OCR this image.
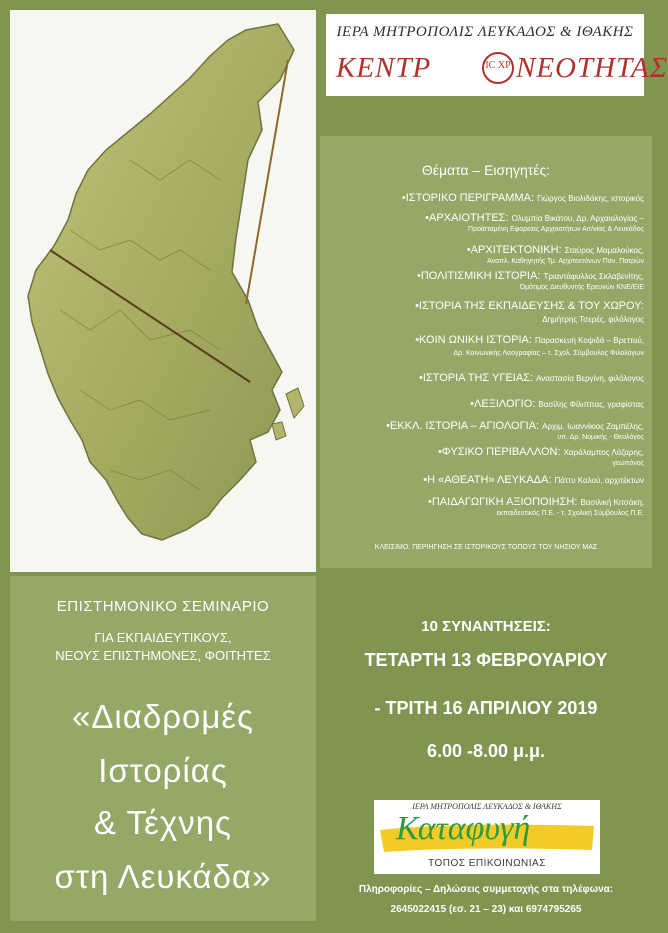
ΙΕΡΑ ΜΗΤΡΟΠΟΛΙΣ ΛΕΥΚΑΔΟΣ & ΙΘΑΚΗΣ
ΚΕΝΤΡ	ΙC ΧΡ ΝΕΟΤΗΤΑΣ
Θέματα – Εισηγητές:
•ΙΣΤΟΡΙΚΟ ΠΕΡΙΓΡΑΜΜΑ: Γιώργος Βιολιδάκης, ιστορικός
•ΑΡΧΑΙΟΤΗΤΕΣ: Ολυμπία Βικάτου, Δρ. Αρχαιολογίας –
Προϊσταμένη Εφορείας Αρχαιοτήτων Αιτ/νίας & Λευκάδος
•ΑΡΧΙΤΕΚΤΟΝΙΚΗ: Σταύρος Μαμαλούκος,
Αναπλ. Καθηγητής Τμ. Αρχιτεκτόνων Παν. Πατρών
•ΠΟΛΙΤΙΣΜΙΚΗ ΙΣΤΟΡΙΑ: Τριαντάφυλλος Σκλαβενίτης,
Ομότιμος Διευθυντής Ερευνών ΚΝΕ/ΕΙΕ
•ΙΣΤΟΡΙΑ ΤΗΣ ΕΚΠΑΙΔΕΥΣΗΣ & ΤΟΥ ΧΩΡΟΥ:
Δημήτρης Τσερές, φιλόλογος
•ΚΟΙΝ ΩΝΙΚΗ ΙΣΤΟΡΙΑ: Παρασκευή Κοψιδά – Βρεττού,
Δρ. Κοινωνικής Λαογραφίας – τ. Σχολ. Σύμβουλος Φιλολόγων
•ΙΣΤΟΡΙΑ ΤΗΣ ΥΓΕΙΑΣ: Αναστασία Βεργίνη, φιλόλογος
•ΛΕΞΙΛΟΓΙΟ: Βασίλης Φίλιππας, γραφίστας
•ΕΚΚΛ. ΙΣΤΟΡΙΑ – ΑΓΙΟΛΟΓΙΑ: Αρχιμ. Ιωαννίκιος Ζαμπέλης,
υπ. Δρ. Νομικής - Θεολόγος
•ΦΥΣΙΚΟ ΠΕΡΙΒΑΛΛΟΝ: Χαράλαμπος Λάζαρης,
γεωπόνος
•Η «ΑΘΕΑΤΗ» ΛΕΥΚΑΔΑ: Πάττυ Καλού, αρχιτέκτων
•ΠΑΙΔΑΓΩΓΙΚΗ ΑΞΙΟΠΟΙΗΣΗ: Βασιλική Κιτσάκη,
εκπαιδευτικός Π.Ε. - τ. Σχολική Σύμβουλος Π.Ε.
ΚΛΕΙΣΙΜΟ: ΠΕΡΙΗΓΗΣΗ ΣΕ ΙΣΤΟΡΙΚΟΥΣ ΤΟΠΟΥΣ ΤΟΥ ΝΗΣΙΟΥ ΜΑΣ
ΕΠΙΣΤΗΜΟΝΙΚΟ ΣΕΜΙΝΑΡΙΟ
ΓΙΑ ΕΚΠΑΙΔΕΥΤΙΚΟΥΣ,
ΝΕΟΥΣ ΕΠΙΣΤΗΜΟΝΕΣ, ΦΟΙΤΗΤΕΣ
«Διαδρομές
Ιστορίας
& Τέχνης
στη Λευκάδα»
10 ΣΥΝΑΝΤΗΣΕΙΣ:
ΤΕΤΑΡΤΗ 13 ΦΕΒΡΟΥΑΡΙΟΥ
- ΤΡΙΤΗ 16 ΑΠΡΙΛΙΟΥ 2019
6.00 -8.00 μ.μ.
ΙΕΡΑ ΜΗΤΡΟΠΟΛΙΣ ΛΕΥΚΑΔΟΣ & ΙΘΑΚΗΣ
Καταφυγή
ΤΟΠΟΣ ΕΠΙΚΟΙΝΩΝΙΑΣ
Πληροφορίες – Δηλώσεις συμμετοχής στα τηλέφωνα:
2645022415 (εσ. 21 – 23) και 6974795265
